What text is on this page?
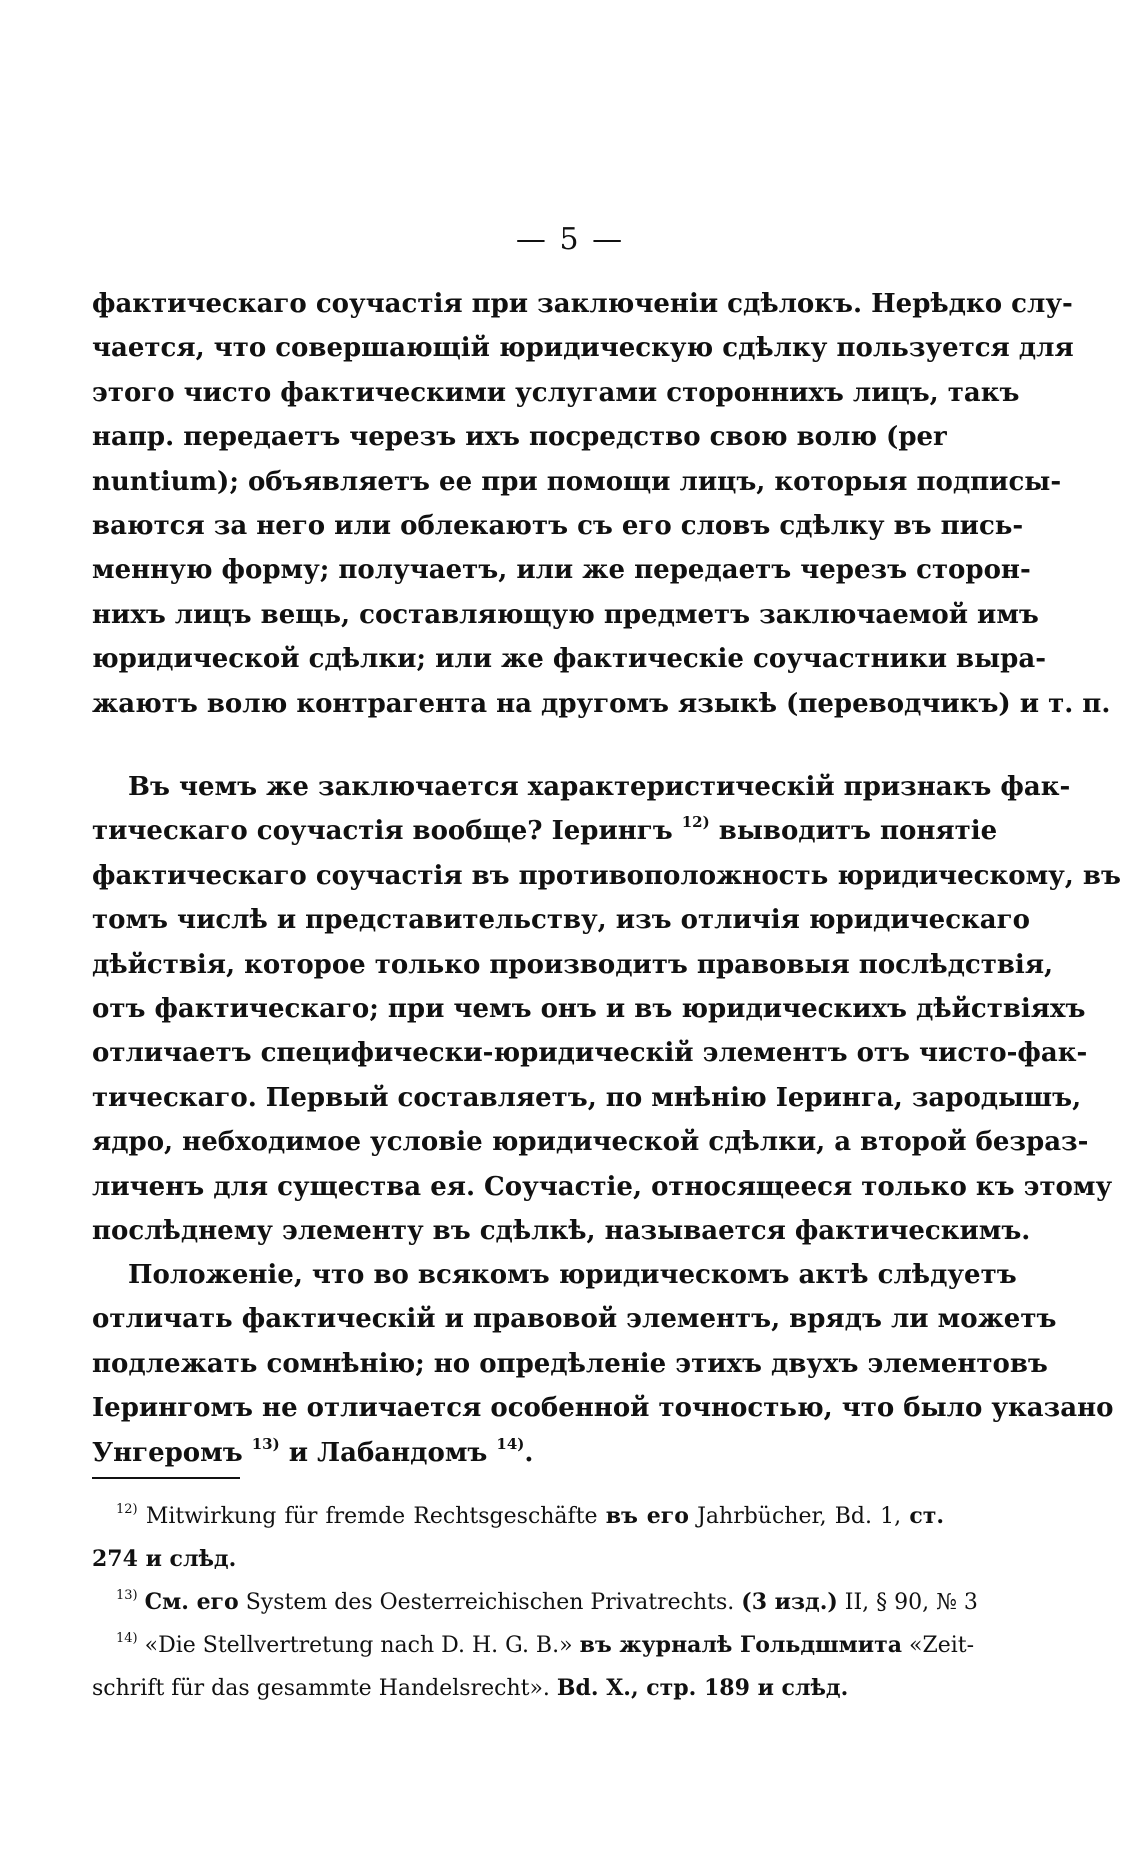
— 5 —
фактическаго соучастія при заключеніи сдѣлокъ. Нерѣдко слу-
чается, что совершающій юридическую сдѣлку пользуется для
этого чисто фактическими услугами стороннихъ лицъ, такъ
напр. передаетъ черезъ ихъ посредство свою волю (per
nuntium); объявляетъ ее при помощи лицъ, которыя подписы-
ваются за него или облекаютъ съ его словъ сдѣлку въ пись-
менную форму; получаетъ, или же передаетъ черезъ сторон-
нихъ лицъ вещь, составляющую предметъ заключаемой имъ
юридической сдѣлки; или же фактическіе соучастники выра-
жаютъ волю контрагента на другомъ языкѣ (переводчикъ) и т. п.
Въ чемъ же заключается характеристическій признакъ фак-
тическаго соучастія вообще? Іерингъ $^{12)}$ выводитъ понятіе
фактическаго соучастія въ противоположность юридическому, въ
томъ числѣ и представительству, изъ отличія юридическаго
дѣйствія, которое только производитъ правовыя послѣдствія,
отъ фактическаго; при чемъ онъ и въ юридическихъ дѣйствіяхъ
отличаетъ специфически-юридическій элементъ отъ чисто-фак-
тическаго. Первый составляетъ, по мнѣнію Іеринга, зародышъ,
ядро, небходимое условіе юридической сдѣлки, а второй безраз-
личенъ для существа ея. Соучастіе, относящееся только къ этому
послѣднему элементу въ сдѣлкѣ, называется фактическимъ.
Положеніе, что во всякомъ юридическомъ актѣ слѣдуетъ
отличать фактическій и правовой элементъ, врядъ ли можетъ
подлежать сомнѣнію; но опредѣленіе этихъ двухъ элементовъ
Іерингомъ не отличается особенной точностью, что было указано
Унгеромъ $^{13)}$ и Лабандомъ $^{14)}$.
$^{12)}$ Mitwirkung für fremde Rechtsgeschäfte въ его Jahrbücher, Bd. 1, ст.
274 и слѣд.
$^{13)}$ См. его System des Oesterreichischen Privatrechts. (3 изд.) II, § 90, № 3
$^{14)}$ «Die Stellvertretung nach D. H. G. B.» въ журналѣ Гольдшмита «Zeit-
schrift für das gesammte Handelsrecht». Bd. X., стр. 189 и слѣд.
